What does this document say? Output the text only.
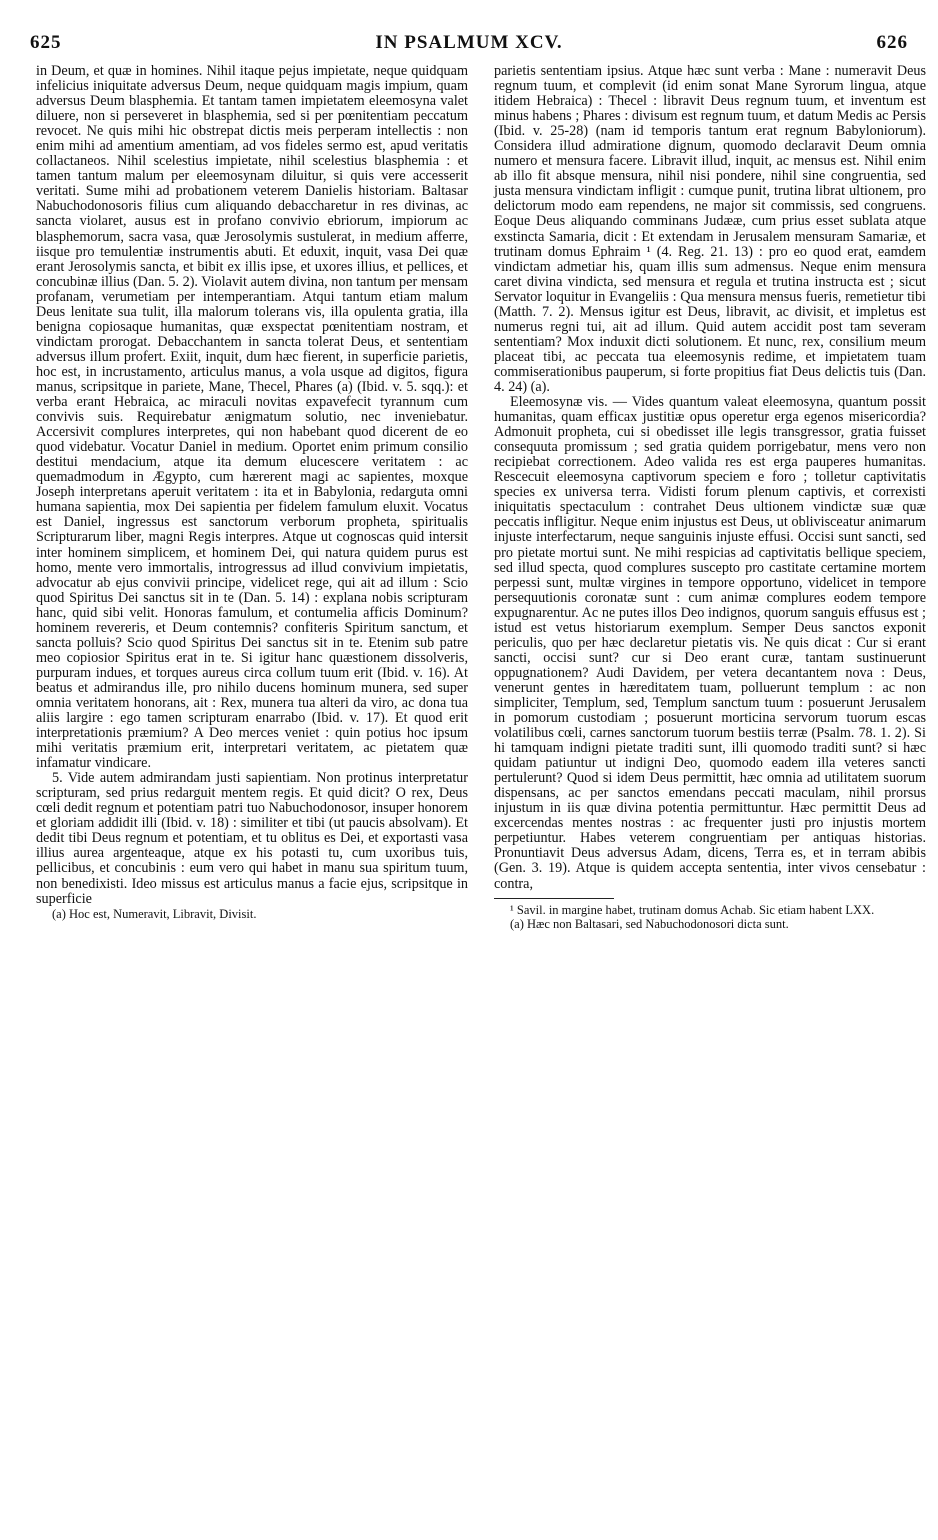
625	IN PSALMUM XCV.	626

in Deum, et quæ in homines. Nihil itaque pejus impietate, neque quidquam infelicius iniquitate adversus Deum, neque quidquam magis impium, quam adversus Deum blasphemia. Et tantam tamen impietatem eleemosyna valet diluere, non si perseveret in blasphemia, sed si per pœnitentiam peccatum revocet. Ne quis mihi hic obstrepat dictis meis perperam intellectis : non enim mihi ad amentium amentiam, ad vos fideles sermo est, apud veritatis collactaneos. Nihil scelestius impietate, nihil scelestius blasphemia : et tamen tantum malum per eleemosynam diluitur, si quis vere accesserit veritati. Sume mihi ad probationem veterem Danielis historiam. Baltasar Nabuchodonosoris filius cum aliquando debaccharetur in res divinas, ac sancta violaret, ausus est in profano convivio ebriorum, impiorum ac blasphemorum, sacra vasa, quæ Jerosolymis sustulerat, in medium afferre, iisque pro temulentiæ instrumentis abuti. Et eduxit, inquit, vasa Dei quæ erant Jerosolymis sancta, et bibit ex illis ipse, et uxores illius, et pellices, et concubinæ illius (Dan. 5. 2). Violavit autem divina, non tantum per mensam profanam, verumetiam per intemperantiam. Atqui tantum etiam malum Deus lenitate sua tulit, illa malorum tolerans vis, illa opulenta gratia, illa benigna copiosaque humanitas, quæ exspectat pœnitentiam nostram, et vindictam prorogat. Debacchantem in sancta tolerat Deus, et sententiam adversus illum profert. Exiit, inquit, dum hæc fierent, in superficie parietis, hoc est, in incrustamento, articulus manus, a vola usque ad digitos, figura manus, scripsitque in pariete, Mane, Thecel, Phares (a) (Ibid. v. 5. sqq.): et verba erant Hebraica, ac miraculi novitas expavefecit tyrannum cum convivis suis. Requirebatur ænigmatum solutio, nec inveniebatur. Accersivit complures interpretes, qui non habebant quod dicerent de eo quod videbatur. Vocatur Daniel in medium. Oportet enim primum consilio destitui mendacium, atque ita demum elucescere veritatem : ac quemadmodum in Ægypto, cum hærerent magi ac sapientes, moxque Joseph interpretans aperuit veritatem : ita et in Babylonia, redarguta omni humana sapientia, mox Dei sapientia per fidelem famulum eluxit. Vocatus est Daniel, ingressus est sanctorum verborum propheta, spiritualis Scripturarum liber, magni Regis interpres. Atque ut cognoscas quid intersit inter hominem simplicem, et hominem Dei, qui natura quidem purus est homo, mente vero immortalis, introgressus ad illud convivium impietatis, advocatur ab ejus convivii principe, videlicet rege, qui ait ad illum : Scio quod Spiritus Dei sanctus sit in te (Dan. 5. 14) : explana nobis scripturam hanc, quid sibi velit. Honoras famulum, et contumelia afficis Dominum? hominem revereris, et Deum contemnis? confiteris Spiritum sanctum, et sancta polluis? Scio quod Spiritus Dei sanctus sit in te. Etenim sub patre meo copiosior Spiritus erat in te. Si igitur hanc quæstionem dissolveris, purpuram indues, et torques aureus circa collum tuum erit (Ibid. v. 16). At beatus et admirandus ille, pro nihilo ducens hominum munera, sed super omnia veritatem honorans, ait : Rex, munera tua alteri da viro, ac dona tua aliis largire : ego tamen scripturam enarrabo (Ibid. v. 17). Et quod erit interpretationis præmium? A Deo merces veniet : quin potius hoc ipsum mihi veritatis præmium erit, interpretari veritatem, ac pietatem quæ infamatur vindicare.

5. Vide autem admirandam justi sapientiam. Non protinus interpretatur scripturam, sed prius redarguit mentem regis. Et quid dicit? O rex, Deus cœli dedit regnum et potentiam patri tuo Nabuchodonosor, insuper honorem et gloriam addidit illi (Ibid. v. 18) : similiter et tibi (ut paucis absolvam). Et dedit tibi Deus regnum et potentiam, et tu oblitus es Dei, et exportasti vasa illius aurea argenteaque, atque ex his potasti tu, cum uxoribus tuis, pellicibus, et concubinis : eum vero qui habet in manu sua spiritum tuum, non benedixisti. Ideo missus est articulus manus a facie ejus, scripsitque in superficie

(a) Hoc est, Numeravit, Libravit, Divisit.

parietis sententiam ipsius. Atque hæc sunt verba : Mane : numeravit Deus regnum tuum, et complevit (id enim sonat Mane Syrorum lingua, atque itidem Hebraica) : Thecel : libravit Deus regnum tuum, et inventum est minus habens ; Phares : divisum est regnum tuum, et datum Medis ac Persis (Ibid. v. 25-28) (nam id temporis tantum erat regnum Babyloniorum). Considera illud admiratione dignum, quomodo declaravit Deum omnia numero et mensura facere. Libravit illud, inquit, ac mensus est. Nihil enim ab illo fit absque mensura, nihil nisi pondere, nihil sine congruentia, sed justa mensura vindictam infligit : cumque punit, trutina librat ultionem, pro delictorum modo eam rependens, ne major sit commissis, sed congruens. Eoque Deus aliquando comminans Judææ, cum prius esset sublata atque exstincta Samaria, dicit : Et extendam in Jerusalem mensuram Samariæ, et trutinam domus Ephraim ¹ (4. Reg. 21. 13) : pro eo quod erat, eamdem vindictam admetiar his, quam illis sum admensus. Neque enim mensura caret divina vindicta, sed mensura et regula et trutina instructa est ; sicut Servator loquitur in Evangeliis : Qua mensura mensus fueris, remetietur tibi (Matth. 7. 2). Mensus igitur est Deus, libravit, ac divisit, et impletus est numerus regni tui, ait ad illum. Quid autem accidit post tam severam sententiam? Mox induxit dicti solutionem. Et nunc, rex, consilium meum placeat tibi, ac peccata tua eleemosynis redime, et impietatem tuam commiserationibus pauperum, si forte propitius fiat Deus delictis tuis (Dan. 4. 24) (a).

Eleemosynæ vis. — Vides quantum valeat eleemosyna, quantum possit humanitas, quam efficax justitiæ opus operetur erga egenos misericordia? Admonuit propheta, cui si obedisset ille legis transgressor, gratia fuisset consequuta promissum ; sed gratia quidem porrigebatur, mens vero non recipiebat correctionem. Adeo valida res est erga pauperes humanitas. Rescecuit eleemosyna captivorum speciem e foro ; tolletur captivitatis species ex universa terra. Vidisti forum plenum captivis, et correxisti iniquitatis spectaculum : contrahet Deus ultionem vindictæ suæ quæ peccatis infligitur. Neque enim injustus est Deus, ut oblivisceatur animarum injuste interfectarum, neque sanguinis injuste effusi. Occisi sunt sancti, sed pro pietate mortui sunt. Ne mihi respicias ad captivitatis bellique speciem, sed illud specta, quod complures susceptο pro castitate certamine mortem perpessi sunt, multæ virgines in tempore opportuno, videlicet in tempore persequutionis coronatæ sunt : cum animæ complures eodem tempore expugnarentur. Ac ne putes illos Deo indignos, quorum sanguis effusus est ; istud est vetus historiarum exemplum. Semper Deus sanctos exponit periculis, quo per hæc declaretur pietatis vis. Ne quis dicat : Cur si erant sancti, occisi sunt? cur si Deo erant curæ, tantam sustinuerunt oppugnationem? Audi Davidem, per vetera decantantem nova : Deus, venerunt gentes in hæreditatem tuam, polluerunt templum : ac non simpliciter, Templum, sed, Templum sanctum tuum : posuerunt Jerusalem in pomorum custodiam ; posuerunt morticina servorum tuorum escas volatilibus cœli, carnes sanctorum tuorum bestiis terræ (Psalm. 78. 1. 2). Si hi tamquam indigni pietate traditi sunt, illi quomodo traditi sunt? si hæc quidam patiuntur ut indigni Deo, quomodo eadem illa veteres sancti pertulerunt? Quod si idem Deus permittit, hæc omnia ad utilitatem suorum dispensans, ac per sanctos emendans peccati maculam, nihil prorsus injustum in iis quæ divina potentia permittuntur. Hæc permittit Deus ad excercendas mentes nostras : ac frequenter justi pro injustis mortem perpetiuntur. Habes veterem congruentiam per antiquas historias. Pronuntiavit Deus adversus Adam, dicens, Terra es, et in terram abibis (Gen. 3. 19). Atque is quidem accepta sententia, inter vivos censebatur : contra,

¹ Savil. in margine habet, trutinam domus Achab. Sic etiam habent LXX.

(a) Hæc non Baltasari, sed Nabuchodonosori dicta sunt.
